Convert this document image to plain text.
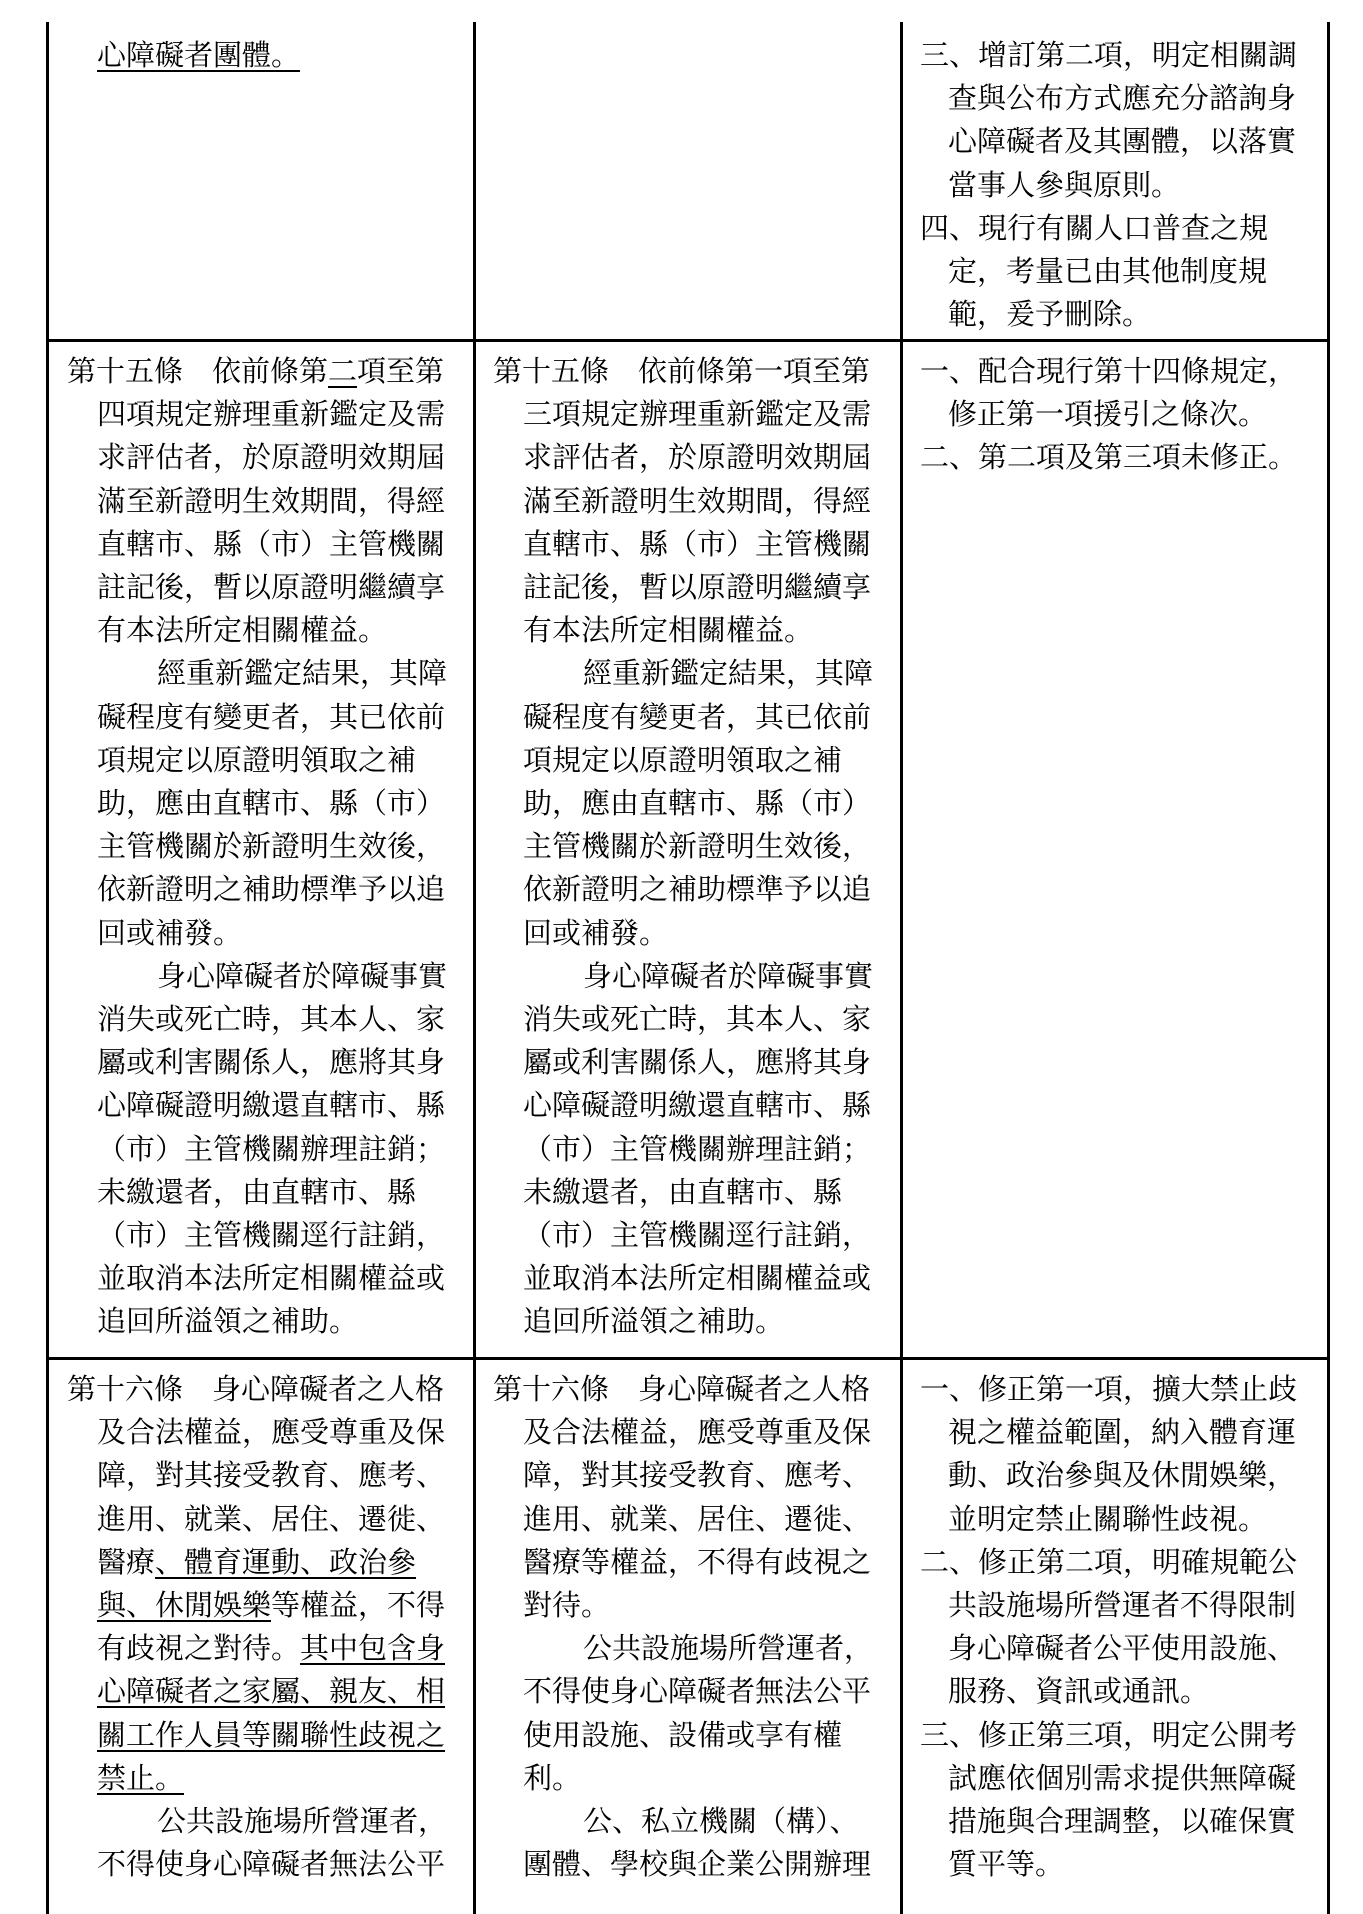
心障礙者團體。	三、增訂第二項，明定相關調查與公布方式應充分諮詢身心障礙者及其團體，以落實當事人參與原則。

四、現行有關人口普查之規定，考量已由其他制度規範，爰予刪除。

第十五條　依前條第二項至第四項規定辦理重新鑑定及需求評估者，於原證明效期屆滿至新證明生效期間，得經直轄市、縣（市）主管機關註記後，暫以原證明繼續享有本法所定相關權益。

經重新鑑定結果，其障礙程度有變更者，其已依前項規定以原證明領取之補助，應由直轄市、縣（市）主管機關於新證明生效後，依新證明之補助標準予以追回或補發。

身心障礙者於障礙事實消失或死亡時，其本人、家屬或利害關係人，應將其身心障礙證明繳還直轄市、縣（市）主管機關辦理註銷；未繳還者，由直轄市、縣（市）主管機關逕行註銷，並取消本法所定相關權益或追回所溢領之補助。

第十五條　依前條第一項至第三項規定辦理重新鑑定及需求評估者，於原證明效期屆滿至新證明生效期間，得經直轄市、縣（市）主管機關註記後，暫以原證明繼續享有本法所定相關權益。

經重新鑑定結果，其障礙程度有變更者，其已依前項規定以原證明領取之補助，應由直轄市、縣（市）主管機關於新證明生效後，依新證明之補助標準予以追回或補發。

身心障礙者於障礙事實消失或死亡時，其本人、家屬或利害關係人，應將其身心障礙證明繳還直轄市、縣（市）主管機關辦理註銷；未繳還者，由直轄市、縣（市）主管機關逕行註銷，並取消本法所定相關權益或追回所溢領之補助。

一、配合現行第十四條規定，修正第一項援引之條次。

二、第二項及第三項未修正。

第十六條　身心障礙者之人格及合法權益，應受尊重及保障，對其接受教育、應考、進用、就業、居住、遷徙、醫療、體育運動、政治參與、休閒娛樂等權益，不得有歧視之對待。其中包含身心障礙者之家屬、親友、相關工作人員等關聯性歧視之禁止。

公共設施場所營運者，不得使身心障礙者無法公平

第十六條　身心障礙者之人格及合法權益，應受尊重及保障，對其接受教育、應考、進用、就業、居住、遷徙、醫療等權益，不得有歧視之對待。

公共設施場所營運者，不得使身心障礙者無法公平使用設施、設備或享有權利。

公、私立機關（構）、團體、學校與企業公開辦理

一、修正第一項，擴大禁止歧視之權益範圍，納入體育運動、政治參與及休閒娛樂，並明定禁止關聯性歧視。

二、修正第二項，明確規範公共設施場所營運者不得限制身心障礙者公平使用設施、服務、資訊或通訊。

三、修正第三項，明定公開考試應依個別需求提供無障礙措施與合理調整，以確保實質平等。
